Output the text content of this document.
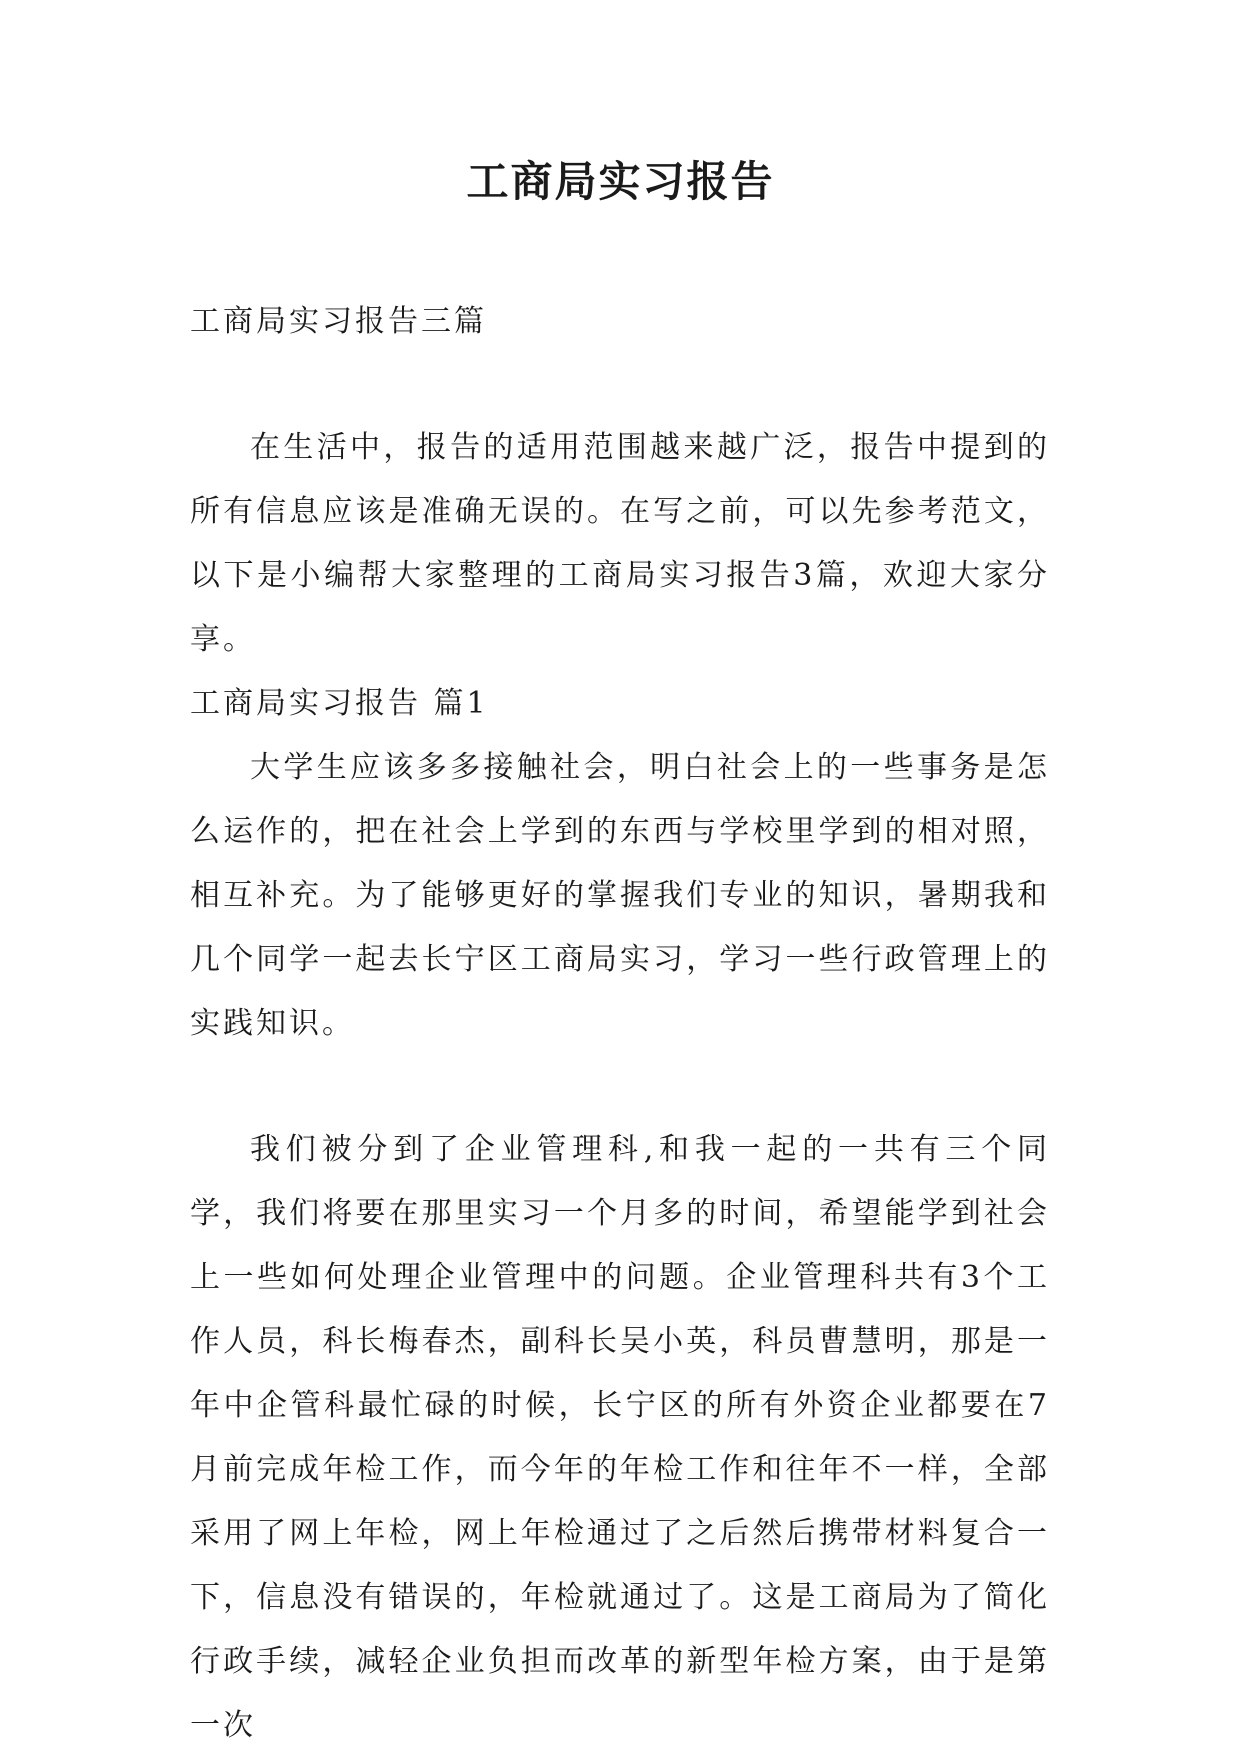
工商局实习报告

工商局实习报告三篇

在生活中，报告的适用范围越来越广泛，报告中提到的所有信息应该是准确无误的。在写之前，可以先参考范文，以下是小编帮大家整理的工商局实习报告3篇，欢迎大家分享。

工商局实习报告 篇1

大学生应该多多接触社会，明白社会上的一些事务是怎么运作的，把在社会上学到的东西与学校里学到的相对照，相互补充。为了能够更好的掌握我们专业的知识，暑期我和几个同学一起去长宁区工商局实习，学习一些行政管理上的实践知识。

我们被分到了企业管理科,和我一起的一共有三个同学，我们将要在那里实习一个月多的时间，希望能学到社会上一些如何处理企业管理中的问题。企业管理科共有3个工作人员，科长梅春杰，副科长吴小英，科员曹慧明，那是一年中企管科最忙碌的时候，长宁区的所有外资企业都要在7月前完成年检工作，而今年的年检工作和往年不一样，全部采用了网上年检，网上年检通过了之后然后携带材料复合一下，信息没有错误的，年检就通过了。这是工商局为了简化行政手续，减轻企业负担而改革的新型年检方案，由于是第一次
